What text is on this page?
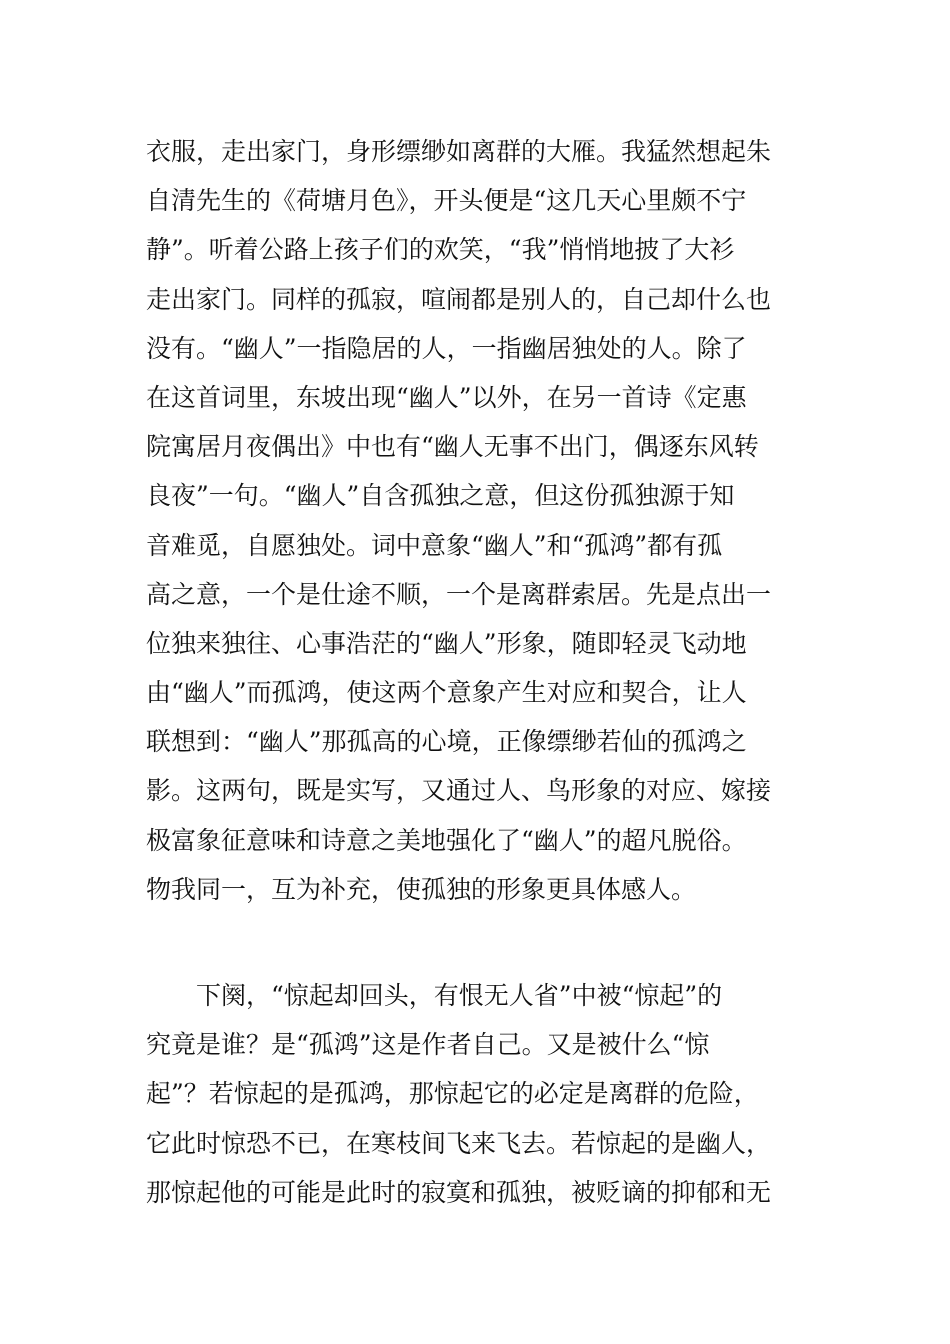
衣服，走出家门，身形缥缈如离群的大雁。我猛然想起朱
自清先生的《荷塘月色》，开头便是“这几天心里颇不宁
静”。听着公路上孩子们的欢笑，“我”悄悄地披了大衫
走出家门。同样的孤寂，喧闹都是别人的，自己却什么也
没有。“幽人”一指隐居的人，一指幽居独处的人。除了
在这首词里，东坡出现“幽人”以外，在另一首诗《定惠
院寓居月夜偶出》中也有“幽人无事不出门，偶逐东风转
良夜”一句。“幽人”自含孤独之意，但这份孤独源于知
音难觅，自愿独处。词中意象“幽人”和“孤鸿”都有孤
高之意，一个是仕途不顺，一个是离群索居。先是点出一
位独来独往、心事浩茫的“幽人”形象，随即轻灵飞动地
由“幽人”而孤鸿，使这两个意象产生对应和契合，让人
联想到：“幽人”那孤高的心境，正像缥缈若仙的孤鸿之
影。这两句，既是实写，又通过人、鸟形象的对应、嫁接
极富象征意味和诗意之美地强化了“幽人”的超凡脱俗。
物我同一，互为补充，使孤独的形象更具体感人。
　　下阕，“惊起却回头，有恨无人省”中被“惊起”的
究竟是谁？是“孤鸿”这是作者自己。又是被什么“惊
起”？若惊起的是孤鸿，那惊起它的必定是离群的危险，
它此时惊恐不已，在寒枝间飞来飞去。若惊起的是幽人，
那惊起他的可能是此时的寂寞和孤独，被贬谪的抑郁和无
